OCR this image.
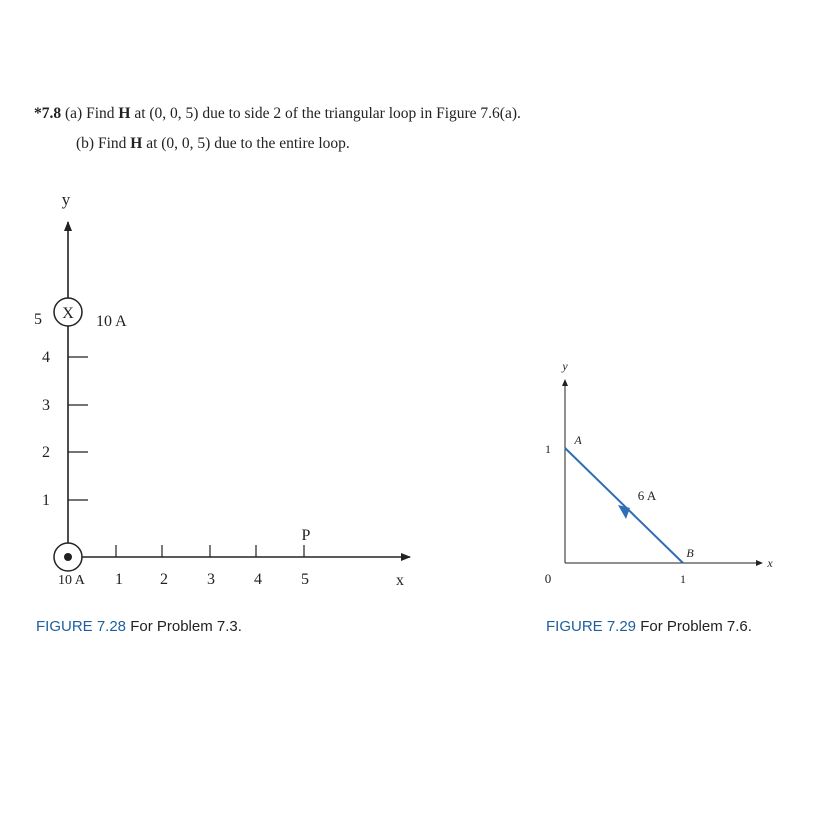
*7.8 (a) Find H at (0, 0, 5) due to side 2 of the triangular loop in Figure 7.6(a).
(b) Find H at (0, 0, 5) due to the entire loop.
y
1
2
3
4
5
1 2 3 4 5	x
X 10 A
10 A
P
y
x
0
1
1
A
B
6 A
FIGURE 7.28 For Problem 7.3.	FIGURE 7.29 For Problem 7.6.
